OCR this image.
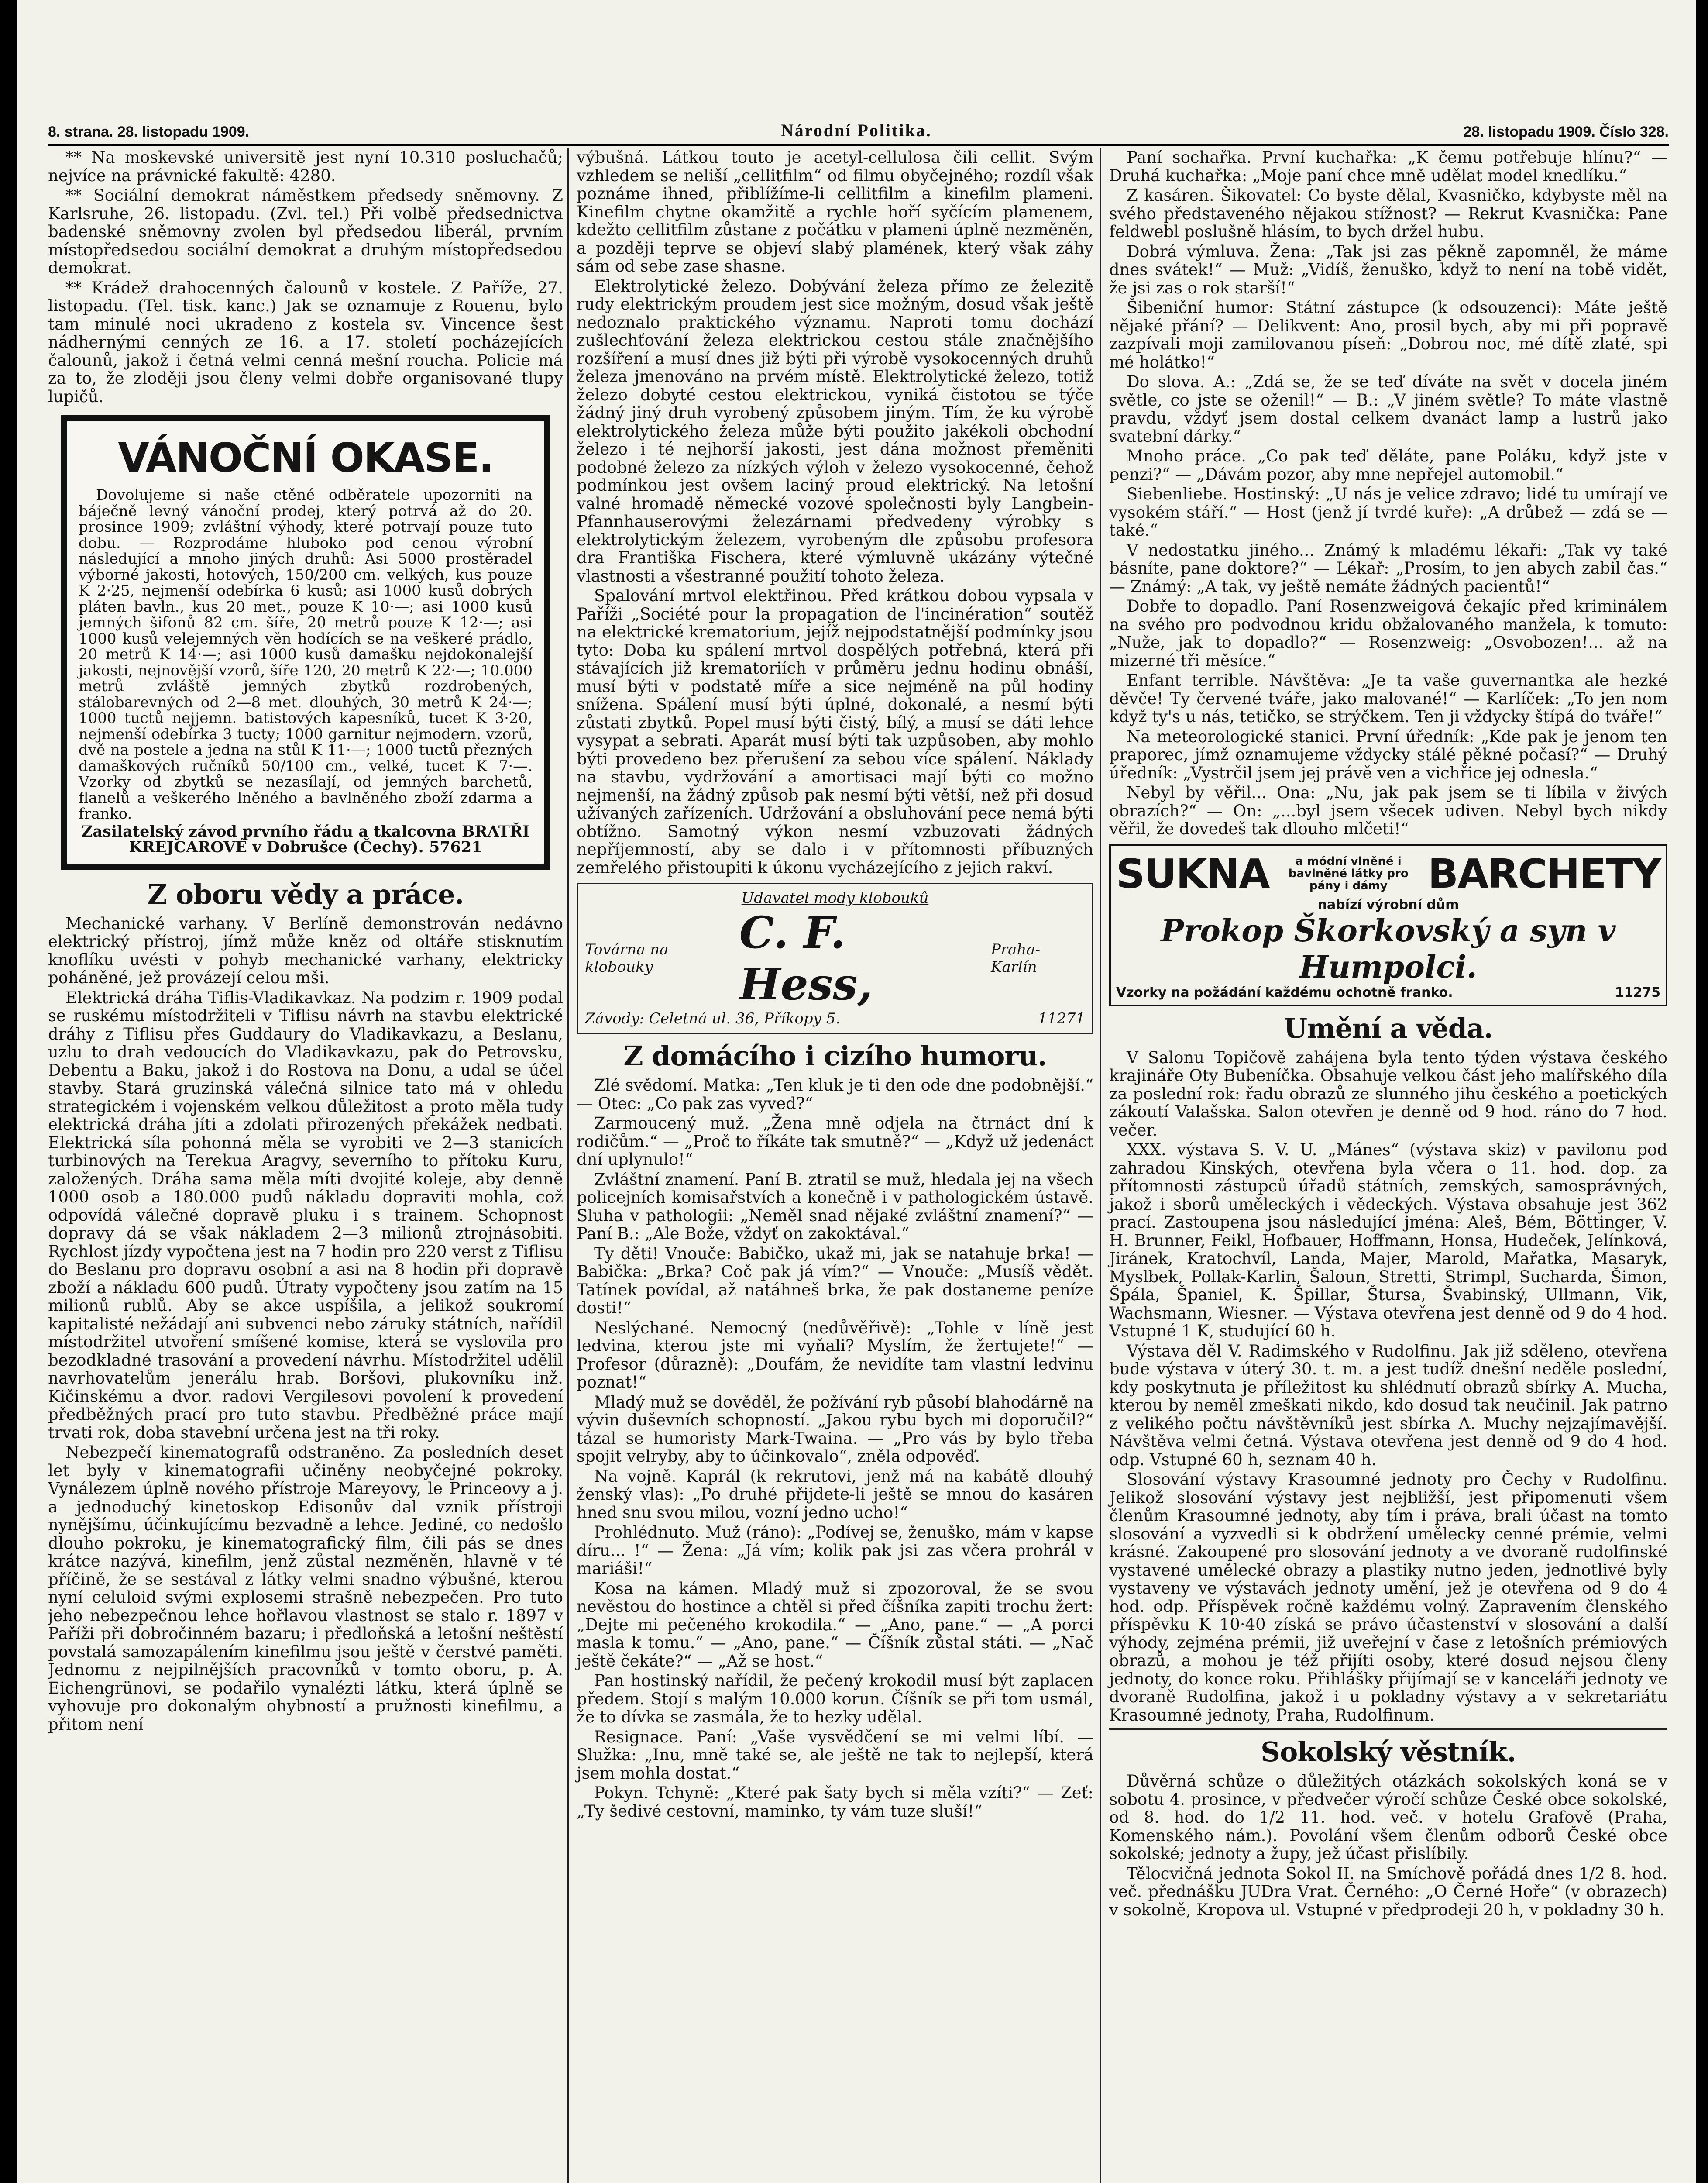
8. strana. 28. listopadu 1909.	Národní Politika.	28. listopadu 1909. Číslo 328.

** Na moskevské universitě jest nyní 10.310 posluchačů; nejvíce na právnické fakultě: 4280.

** Sociální demokrat náměstkem předsedy sněmovny. Z Karlsruhe, 26. listopadu. (Zvl. tel.) Při volbě předsednictva badenské sněmovny zvolen byl předsedou liberál, prvním místopředsedou sociální demokrat a druhým místopředsedou demokrat.

** Krádež drahocenných čalounů v kostele. Z Paříže, 27. listopadu. (Tel. tisk. kanc.) Jak se oznamuje z Rouenu, bylo tam minulé noci ukradeno z kostela sv. Vincence šest nádhernými cenných ze 16. a 17. století pocházejících čalounů, jakož i četná velmi cenná mešní roucha. Policie má za to, že zloději jsou členy velmi dobře organisované tlupy lupičů.

VÁNOČNÍ OKASE.

Dovolujeme si naše ctěné odběratele upozorniti na báječně levný vánoční prodej, který potrvá až do 20. prosince 1909; zvláštní výhody, které potrvají pouze tuto dobu. — Rozprodáme hluboko pod cenou výrobní následující a mnoho jiných druhů: Asi 5000 prostěradel výborné jakosti, hotových, 150/200 cm. velkých, kus pouze K 2·25, nejmenší odebírka 6 kusů; asi 1000 kusů dobrých pláten bavln., kus 20 met., pouze K 10·—; asi 1000 kusů jemných šifonů 82 cm. šíře, 20 metrů pouze K 12·—; asi 1000 kusů velejemných věn hodících se na veškeré prádlo, 20 metrů K 14·—; asi 1000 kusů damašku nejdokonalejší jakosti, nejnovější vzorů, šíře 120, 20 metrů K 22·—; 10.000 metrů zvláště jemných zbytků rozdrobených, stálobarevných od 2—8 met. dlouhých, 30 metrů K 24·—; 1000 tuctů nejjemn. batistových kapesníků, tucet K 3·20, nejmenší odebírka 3 tucty; 1000 garnitur nejmodern. vzorů, dvě na postele a jedna na stůl K 11·—; 1000 tuctů přezných damaškových ručníků 50/100 cm., velké, tucet K 7·—. Vzorky od zbytků se nezasílají, od jemných barchetů, flanelů a veškerého lněného a bavlněného zboží zdarma a franko.

Zasilatelský závod prvního řádu a tkalcovna BRATŘI KREJCAROVÉ v Dobrušce (Čechy). 57621

Z oboru vědy a práce.

Mechanické varhany. V Berlíně demonstrován nedávno elektrický přístroj, jímž může kněz od oltáře stisknutím knoflíku uvésti v pohyb mechanické varhany, elektricky poháněné, jež provázejí celou mši.

Elektrická dráha Tiflis-Vladikavkaz. Na podzim r. 1909 podal se ruskému místodržiteli v Tiflisu návrh na stavbu elektrické dráhy z Tiflisu přes Guddaury do Vladikavkazu, a Beslanu, uzlu to drah vedoucích do Vladikavkazu, pak do Petrovsku, Debentu a Baku, jakož i do Rostova na Donu, a udal se účel stavby. Stará gruzinská válečná silnice tato má v ohledu strategickém i vojenském velkou důležitost a proto měla tudy elektrická dráha jíti a zdolati přirozených překážek nedbati. Elektrická síla pohonná měla se vyrobiti ve 2—3 stanicích turbinových na Terekua Aragvy, severního to přítoku Kuru, založených. Dráha sama měla míti dvojité koleje, aby denně 1000 osob a 180.000 pudů nákladu dopraviti mohla, což odpovídá válečné dopravě pluku i s trainem. Schopnost dopravy dá se však nákladem 2—3 milionů ztrojnásobiti. Rychlost jízdy vypočtena jest na 7 hodin pro 220 verst z Tiflisu do Beslanu pro dopravu osobní a asi na 8 hodin při dopravě zboží a nákladu 600 pudů. Útraty vypočteny jsou zatím na 15 milionů rublů. Aby se akce uspíšila, a jelikož soukromí kapitalisté nežádají ani subvenci nebo záruky státních, nařídil místodržitel utvoření smíšené komise, která se vyslovila pro bezodkladné trasování a provedení návrhu. Místodržitel udělil navrhovatelům jenerálu hrab. Boršovi, plukovníku inž. Kičinskému a dvor. radovi Vergilesovi povolení k provedení předběžných prací pro tuto stavbu. Předběžné práce mají trvati rok, doba stavební určena jest na tři roky.

Nebezpečí kinematografů odstraněno. Za posledních deset let byly v kinematografii učiněny neobyčejné pokroky. Vynálezem úplně nového přístroje Mareyovy, le Princeovy a j. a jednoduchý kinetoskop Edisonův dal vznik přístroji nynějšímu, účinkujícímu bezvadně a lehce. Jediné, co nedošlo dlouho pokroku, je kinematografický film, čili pás se dnes krátce nazývá, kinefilm, jenž zůstal nezměněn, hlavně v té příčině, že se sestával z látky velmi snadno výbušné, kterou nyní celuloid svými explosemi strašně nebezpečen. Pro tuto jeho nebezpečnou lehce hořlavou vlastnost se stalo r. 1897 v Paříži při dobročinném bazaru; i předloňská a letošní neštěstí povstalá samozapálením kinefilmu jsou ještě v čerstvé paměti. Jednomu z nejpilnějších pracovníků v tomto oboru, p. A. Eichengrünovi, se podařilo vynalézti látku, která úplně se vyhovuje pro dokonalým ohybností a pružnosti kinefilmu, a přitom není

výbušná. Látkou touto je acetyl-cellulosa čili cellit. Svým vzhledem se neliší „cellitfilm“ od filmu obyčejného; rozdíl však poznáme ihned, přiblížíme-li cellitfilm a kinefilm plameni. Kinefilm chytne okamžitě a rychle hoří syčícím plamenem, kdežto cellitfilm zůstane z počátku v plameni úplně nezměněn, a později teprve se objeví slabý plamének, který však záhy sám od sebe zase shasne.

Elektrolytické železo. Dobývání železa přímo ze železitě rudy elektrickým proudem jest sice možným, dosud však ještě nedoznalo praktického významu. Naproti tomu dochází zušlechťování železa elektrickou cestou stále značnějšího rozšíření a musí dnes již býti při výrobě vysokocenných druhů železa jmenováno na prvém místě. Elektrolytické železo, totiž železo dobyté cestou elektrickou, vyniká čistotou se týče žádný jiný druh vyrobený způsobem jiným. Tím, že ku výrobě elektrolytického železa může býti použito jakékoli obchodní železo i té nejhorší jakosti, jest dána možnost přeměniti podobné železo za nízkých výloh v železo vysokocenné, čehož podmínkou jest ovšem laciný proud elektrický. Na letošní valné hromadě německé vozové společnosti byly Langbein-Pfannhauserovými železárnami předvedeny výrobky s elektrolytickým železem, vyrobeným dle způsobu profesora dra Františka Fischera, které výmluvně ukázány výtečné vlastnosti a všestranné použití tohoto železa.

Spalování mrtvol elektřinou. Před krátkou dobou vypsala v Paříži „Société pour la propagation de l'incinération“ soutěž na elektrické krematorium, jejíž nejpodstatnější podmínky jsou tyto: Doba ku spálení mrtvol dospělých potřebná, která při stávajících již krematoriích v průměru jednu hodinu obnáší, musí býti v podstatě míře a sice nejméně na půl hodiny snížena. Spálení musí býti úplné, dokonalé, a nesmí býti zůstati zbytků. Popel musí býti čistý, bílý, a musí se dáti lehce vysypat a sebrati. Aparát musí býti tak uzpůsoben, aby mohlo býti provedeno bez přerušení za sebou více spálení. Náklady na stavbu, vydržování a amortisaci mají býti co možno nejmenší, na žádný způsob pak nesmí býti větší, než při dosud užívaných zařízeních. Udržování a obsluhování pece nemá býti obtížno. Samotný výkon nesmí vzbuzovati žádných nepříjemností, aby se dalo i v přítomnosti příbuzných zemřelého přistoupiti k úkonu vycházejícího z jejich rakví.

Udavatel mody kloboukû
Továrna na klobouky
C. F. Hess,
Praha-Karlín
Závody: Celetná ul. 36, Příkopy 5.	11271
Z domácího i cizího humoru.

Zlé svědomí. Matka: „Ten kluk je ti den ode dne podobnější.“ — Otec: „Co pak zas vyved?“

Zarmoucený muž. „Žena mně odjela na čtrnáct dní k rodičům.“ — „Proč to říkáte tak smutně?“ — „Když už jedenáct dní uplynulo!“

Zvláštní znamení. Paní B. ztratil se muž, hledala jej na všech policejních komisařstvích a konečně i v pathologickém ústavě. Sluha v pathologii: „Neměl snad nějaké zvláštní znamení?“ — Paní B.: „Ale Bože, vždyť on zakoktával.“

Ty děti! Vnouče: Babičko, ukaž mi, jak se natahuje brka! — Babička: „Brka? Coč pak já vím?“ — Vnouče: „Musíš vědět. Tatínek povídal, až natáhneš brka, že pak dostaneme peníze dosti!“

Neslýchané. Nemocný (nedůvěřivě): „Tohle v líně jest ledvina, kterou jste mi vyňali? Myslím, že žertujete!“ — Profesor (důrazně): „Doufám, že nevidíte tam vlastní ledvinu poznat!“

Mladý muž se dověděl, že požívání ryb působí blahodárně na vývin duševních schopností. „Jakou rybu bych mi doporučil?“ tázal se humoristy Mark-Twaina. — „Pro vás by bylo třeba spojit velryby, aby to účinkovalo“, zněla odpověď.

Na vojně. Kaprál (k rekrutovi, jenž má na kabátě dlouhý ženský vlas): „Po druhé přijdete-li ještě se mnou do kasáren hned snu svou milou, vozní jedno ucho!“

Prohlédnuto. Muž (ráno): „Podívej se, ženuško, mám v kapse díru... !“ — Žena: „Já vím; kolik pak jsi zas včera prohrál v mariáši!“

Kosa na kámen. Mladý muž si zpozoroval, že se svou nevěstou do hostince a chtěl si před číšníka zapiti trochu žert: „Dejte mi pečeného krokodila.“ — „Ano, pane.“ — „A porci masla k tomu.“ — „Ano, pane.“ — Číšník zůstal státi. — „Nač ještě čekáte?“ — „Až se host.“

Pan hostinský nařídil, že pečený krokodil musí být zaplacen předem. Stojí s malým 10.000 korun. Číšník se při tom usmál, že to dívka se zasmála, že to hezky udělal.

Resignace. Paní: „Vaše vysvědčení se mi velmi líbí. — Služka: „Inu, mně také se, ale ještě ne tak to nejlepší, která jsem mohla dostat.“

Pokyn. Tchyně: „Které pak šaty bych si měla vzíti?“ — Zeť: „Ty šedivé cestovní, maminko, ty vám tuze sluší!“

Paní sochařka. První kuchařka: „K čemu potřebuje hlínu?“ — Druhá kuchařka: „Moje paní chce mně udělat model knedlíku.“

Z kasáren. Šikovatel: Co byste dělal, Kvasničko, kdybyste měl na svého představeného nějakou stížnost? — Rekrut Kvasnička: Pane feldwebl poslušně hlásím, to bych držel hubu.

Dobrá výmluva. Žena: „Tak jsi zas pěkně zapomněl, že máme dnes svátek!“ — Muž: „Vidíš, ženuško, když to není na tobě vidět, že jsi zas o rok starší!“

Šibeniční humor: Státní zástupce (k odsouzenci): Máte ještě nějaké přání? — Delikvent: Ano, prosil bych, aby mi při popravě zazpívali moji zamilovanou píseň: „Dobrou noc, mé dítě zlaté, spi mé holátko!“

Do slova. A.: „Zdá se, že se teď díváte na svět v docela jiném světle, co jste se oženil!“ — B.: „V jiném světle? To máte vlastně pravdu, vždyť jsem dostal celkem dvanáct lamp a lustrů jako svatební dárky.“

Mnoho práce. „Co pak teď děláte, pane Poláku, když jste v penzi?“ — „Dávám pozor, aby mne nepřejel automobil.“

Siebenliebe. Hostinský: „U nás je velice zdravo; lidé tu umírají ve vysokém stáří.“ — Host (jenž jí tvrdé kuře): „A drůbež — zdá se — také.“

V nedostatku jiného... Známý k mladému lékaři: „Tak vy také básníte, pane doktore?“ — Lékař: „Prosím, to jen abych zabil čas.“ — Známý: „A tak, vy ještě nemáte žádných pacientů!“

Dobře to dopadlo. Paní Rosenzweigová čekajíc před kriminálem na svého pro podvodnou kridu obžalovaného manžela, k tomuto: „Nuže, jak to dopadlo?“ — Rosenzweig: „Osvobozen!... až na mizerné tři měsíce.“

Enfant terrible. Návštěva: „Je ta vaše guvernantka ale hezké děvče! Ty červené tváře, jako malované!“ — Karlíček: „To jen nom když ty's u nás, tetičko, se strýčkem. Ten ji vždycky štípá do tváře!“

Na meteorologické stanici. První úředník: „Kde pak je jenom ten praporec, jímž oznamujeme vždycky stálé pěkné počasí?“ — Druhý úředník: „Vystrčil jsem jej právě ven a vichřice jej odnesla.“

Nebyl by věřil... Ona: „Nu, jak pak jsem se ti líbila v živých obrazích?“ — On: „...byl jsem všecek udiven. Nebyl bych nikdy věřil, že dovedeš tak dlouho mlčeti!“

SUKNA	a módní vlněné i bavlněné látky pro pány i dámy	BARCHETY
nabízí výrobní dům
Prokop Škorkovský a syn v Humpolci.
Vzorky na požádání každému ochotně franko.	11275
Umění a věda.

V Salonu Topičově zahájena byla tento týden výstava českého krajináře Oty Bubeníčka. Obsahuje velkou část jeho malířského díla za poslední rok: řadu obrazů ze slunného jihu českého a poetických zákoutí Valašska. Salon otevřen je denně od 9 hod. ráno do 7 hod. večer.

XXX. výstava S. V. U. „Mánes“ (výstava skiz) v pavilonu pod zahradou Kinských, otevřena byla včera o 11. hod. dop. za přítomnosti zástupců úřadů státních, zemských, samosprávných, jakož i sborů uměleckých i vědeckých. Výstava obsahuje jest 362 prací. Zastoupena jsou následující jména: Aleš, Bém, Böttinger, V. H. Brunner, Feikl, Hofbauer, Hoffmann, Honsa, Hudeček, Jelínková, Jiránek, Kratochvíl, Landa, Majer, Marold, Mařatka, Masaryk, Myslbek, Pollak-Karlin, Šaloun, Stretti, Strimpl, Sucharda, Šimon, Špála, Španiel, K. Špillar, Štursa, Švabinský, Ullmann, Vik, Wachsmann, Wiesner. — Výstava otevřena jest denně od 9 do 4 hod. Vstupné 1 K, studující 60 h.

Výstava děl V. Radimského v Rudolfinu. Jak již sděleno, otevřena bude výstava v úterý 30. t. m. a jest tudíž dnešní neděle poslední, kdy poskytnuta je příležitost ku shlédnutí obrazů sbírky A. Mucha, kterou by neměl zmeškati nikdo, kdo dosud tak neučinil. Jak patrno z velikého počtu návštěvníků jest sbírka A. Muchy nejzajímavější. Návštěva velmi četná. Výstava otevřena jest denně od 9 do 4 hod. odp. Vstupné 60 h, seznam 40 h.

Slosování výstavy Krasoumné jednoty pro Čechy v Rudolfinu. Jelikož slosování výstavy jest nejbližší, jest připomenuti všem členům Krasoumné jednoty, aby tím i práva, brali účast na tomto slosování a vyzvedli si k obdržení umělecky cenné prémie, velmi krásné. Zakoupené pro slosování jednoty a ve dvoraně rudolfinské vystavené umělecké obrazy a plastiky nutno jeden, jednotlivé byly vystaveny ve výstavách jednoty umění, jež je otevřena od 9 do 4 hod. odp. Příspěvek ročně každému volný. Zapravením členského příspěvku K 10·40 získá se právo účastenství v slosování a další výhody, zejména prémii, již uveřejní v čase z letošních prémiových obrazů, a mohou je též přijíti osoby, které dosud nejsou členy jednoty, do konce roku. Přihlášky přijímají se v kanceláři jednoty ve dvoraně Rudolfina, jakož i u pokladny výstavy a v sekretariátu Krasoumné jednoty, Praha, Rudolfinum.

Sokolský věstník.

Důvěrná schůze o důležitých otázkách sokolských koná se v sobotu 4. prosince, v předvečer výročí schůze České obce sokolské, od 8. hod. do 1/2 11. hod. več. v hotelu Grafově (Praha, Komenského nám.). Povolání všem členům odborů České obce sokolské; jednoty a župy, jež účast přislíbily.

Tělocvičná jednota Sokol II. na Smíchově pořádá dnes 1/2 8. hod. več. přednášku JUDra Vrat. Černého: „O Černé Hoře“ (v obrazech) v sokolně, Kropova ul. Vstupné v předprodeji 20 h, v pokladny 30 h.
